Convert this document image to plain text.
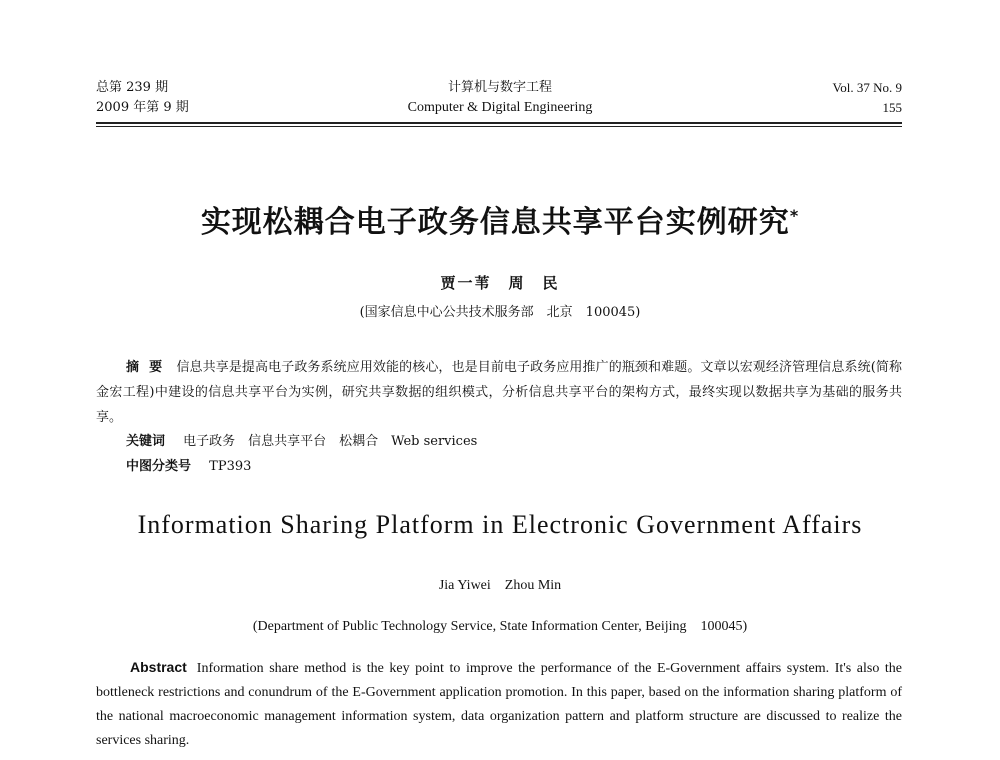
总第 239 期
2009 年第 9 期
计算机与数字工程
Computer & Digital Engineering
Vol. 37 No. 9
155
实现松耦合电子政务信息共享平台实例研究*
贾一苇　周　民
(国家信息中心公共技术服务部　北京　100045)
摘要 信息共享是提高电子政务系统应用效能的核心，也是目前电子政务应用推广的瓶颈和难题。文章以宏观经济管理信息系统(简称金宏工程)中建设的信息共享平台为实例，研究共享数据的组织模式，分析信息共享平台的架构方式，最终实现以数据共享为基础的服务共享。
关键词 电子政务　信息共享平台　松耦合　Web services
中图分类号 TP393
Information Sharing Platform in Electronic Government Affairs
Jia Yiwei　Zhou Min
(Department of Public Technology Service, State Information Center, Beijing　100045)
Abstract Information share method is the key point to improve the performance of the E-Government affairs system. It's also the bottleneck restrictions and conundrum of the E-Government application promotion. In this paper, based on the information sharing platform of the national macroeconomic management information system, data organization pattern and platform structure are discussed to realize the services sharing.
